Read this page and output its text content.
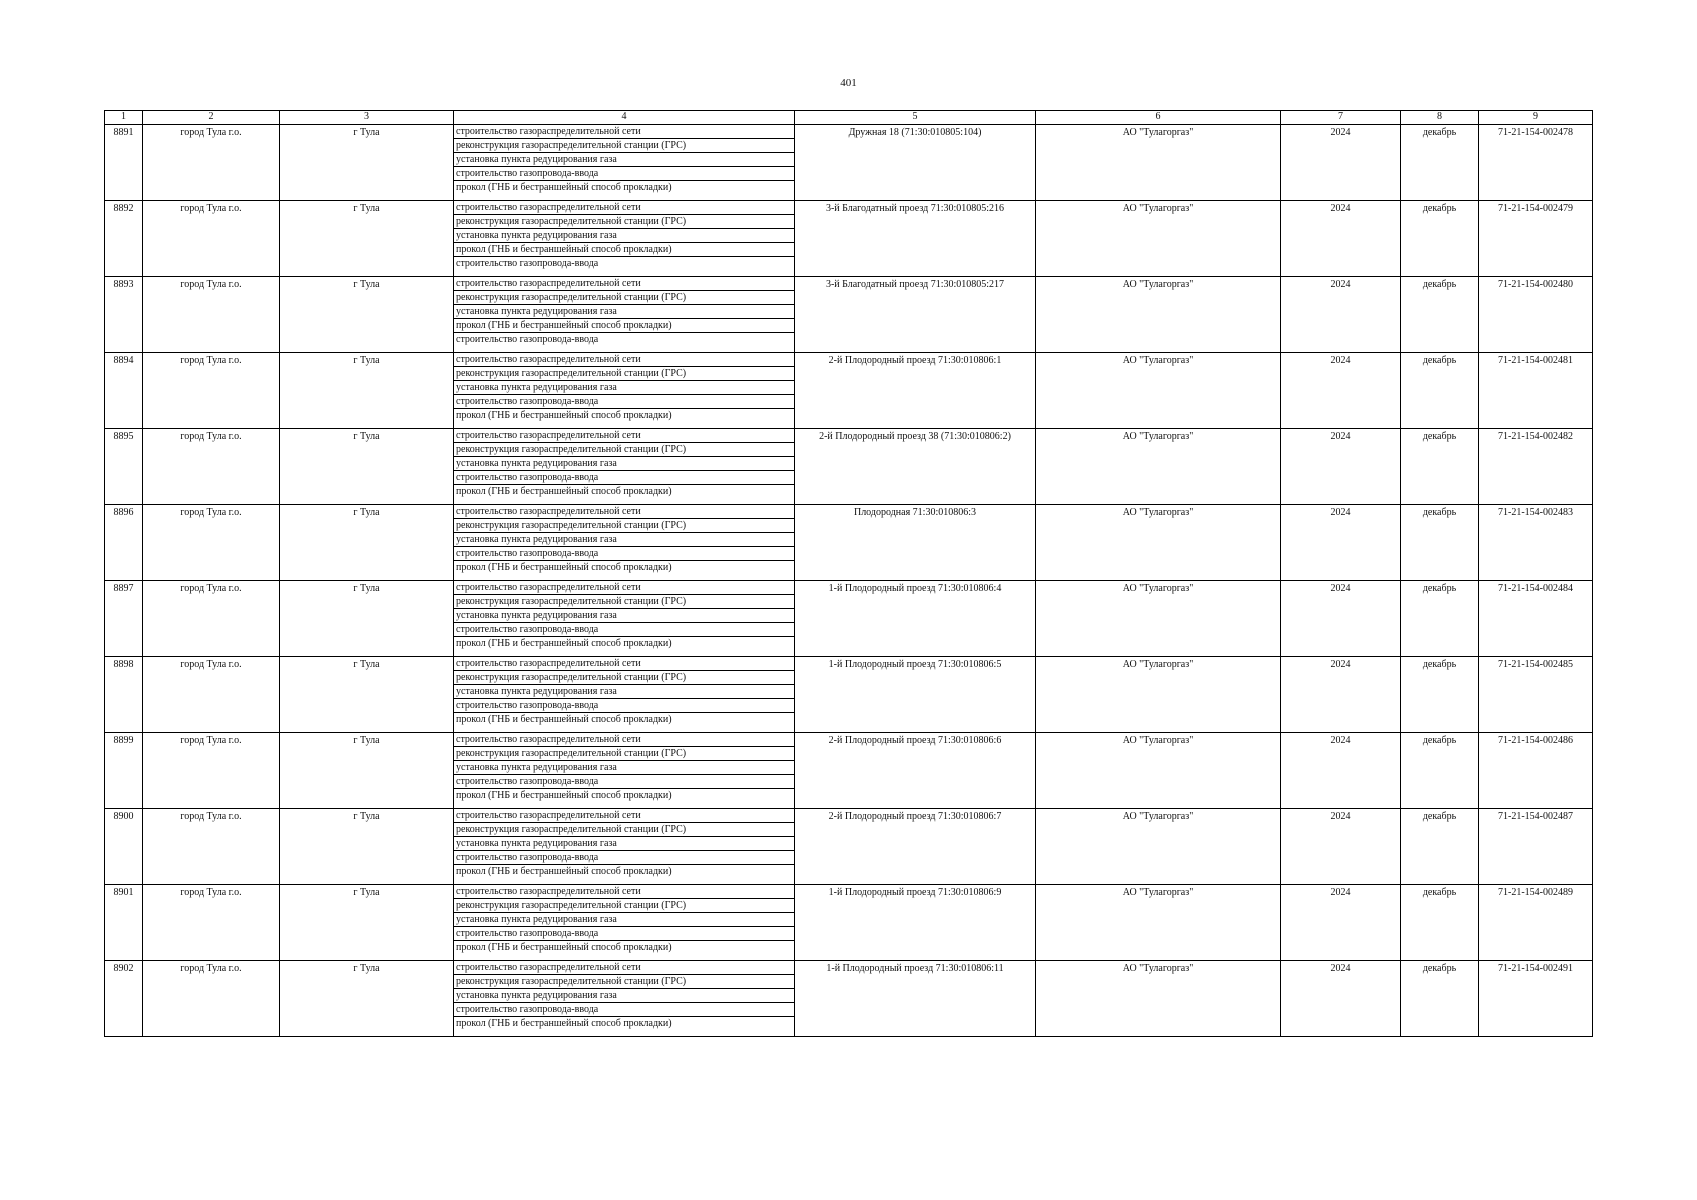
401
1	2	3	4	5	6	7	8	9
8891	город Тула г.о.	г Тула	строительство газораспределительной сети
реконструкция газораспределительной станции (ГРС)
установка пункта редуцирования газа
строительство газопровода-ввода
прокол (ГНБ и бестраншейный способ прокладки)	Дружная 18 (71:30:010805:104)	АО "Тулагоргаз"	2024	декабрь	71-21-154-002478
8892	город Тула г.о.	г Тула	строительство газораспределительной сети
реконструкция газораспределительной станции (ГРС)
установка пункта редуцирования газа
прокол (ГНБ и бестраншейный способ прокладки)
строительство газопровода-ввода	3-й Благодатный проезд 71:30:010805:216	АО "Тулагоргаз"	2024	декабрь	71-21-154-002479
8893	город Тула г.о.	г Тула	строительство газораспределительной сети
реконструкция газораспределительной станции (ГРС)
установка пункта редуцирования газа
прокол (ГНБ и бестраншейный способ прокладки)
строительство газопровода-ввода	3-й Благодатный проезд 71:30:010805:217	АО "Тулагоргаз"	2024	декабрь	71-21-154-002480
8894	город Тула г.о.	г Тула	строительство газораспределительной сети
реконструкция газораспределительной станции (ГРС)
установка пункта редуцирования газа
строительство газопровода-ввода
прокол (ГНБ и бестраншейный способ прокладки)	2-й Плодородный проезд 71:30:010806:1	АО "Тулагоргаз"	2024	декабрь	71-21-154-002481
8895	город Тула г.о.	г Тула	строительство газораспределительной сети
реконструкция газораспределительной станции (ГРС)
установка пункта редуцирования газа
строительство газопровода-ввода
прокол (ГНБ и бестраншейный способ прокладки)	2-й Плодородный проезд 38 (71:30:010806:2)	АО "Тулагоргаз"	2024	декабрь	71-21-154-002482
8896	город Тула г.о.	г Тула	строительство газораспределительной сети
реконструкция газораспределительной станции (ГРС)
установка пункта редуцирования газа
строительство газопровода-ввода
прокол (ГНБ и бестраншейный способ прокладки)	Плодородная 71:30:010806:3	АО "Тулагоргаз"	2024	декабрь	71-21-154-002483
8897	город Тула г.о.	г Тула	строительство газораспределительной сети
реконструкция газораспределительной станции (ГРС)
установка пункта редуцирования газа
строительство газопровода-ввода
прокол (ГНБ и бестраншейный способ прокладки)	1-й Плодородный проезд 71:30:010806:4	АО "Тулагоргаз"	2024	декабрь	71-21-154-002484
8898	город Тула г.о.	г Тула	строительство газораспределительной сети
реконструкция газораспределительной станции (ГРС)
установка пункта редуцирования газа
строительство газопровода-ввода
прокол (ГНБ и бестраншейный способ прокладки)	1-й Плодородный проезд 71:30:010806:5	АО "Тулагоргаз"	2024	декабрь	71-21-154-002485
8899	город Тула г.о.	г Тула	строительство газораспределительной сети
реконструкция газораспределительной станции (ГРС)
установка пункта редуцирования газа
строительство газопровода-ввода
прокол (ГНБ и бестраншейный способ прокладки)	2-й Плодородный проезд 71:30:010806:6	АО "Тулагоргаз"	2024	декабрь	71-21-154-002486
8900	город Тула г.о.	г Тула	строительство газораспределительной сети
реконструкция газораспределительной станции (ГРС)
установка пункта редуцирования газа
строительство газопровода-ввода
прокол (ГНБ и бестраншейный способ прокладки)	2-й Плодородный проезд 71:30:010806:7	АО "Тулагоргаз"	2024	декабрь	71-21-154-002487
8901	город Тула г.о.	г Тула	строительство газораспределительной сети
реконструкция газораспределительной станции (ГРС)
установка пункта редуцирования газа
строительство газопровода-ввода
прокол (ГНБ и бестраншейный способ прокладки)	1-й Плодородный проезд 71:30:010806:9	АО "Тулагоргаз"	2024	декабрь	71-21-154-002489
8902	город Тула г.о.	г Тула	строительство газораспределительной сети
реконструкция газораспределительной станции (ГРС)
установка пункта редуцирования газа
строительство газопровода-ввода
прокол (ГНБ и бестраншейный способ прокладки)	1-й Плодородный проезд 71:30:010806:11	АО "Тулагоргаз"	2024	декабрь	71-21-154-002491
